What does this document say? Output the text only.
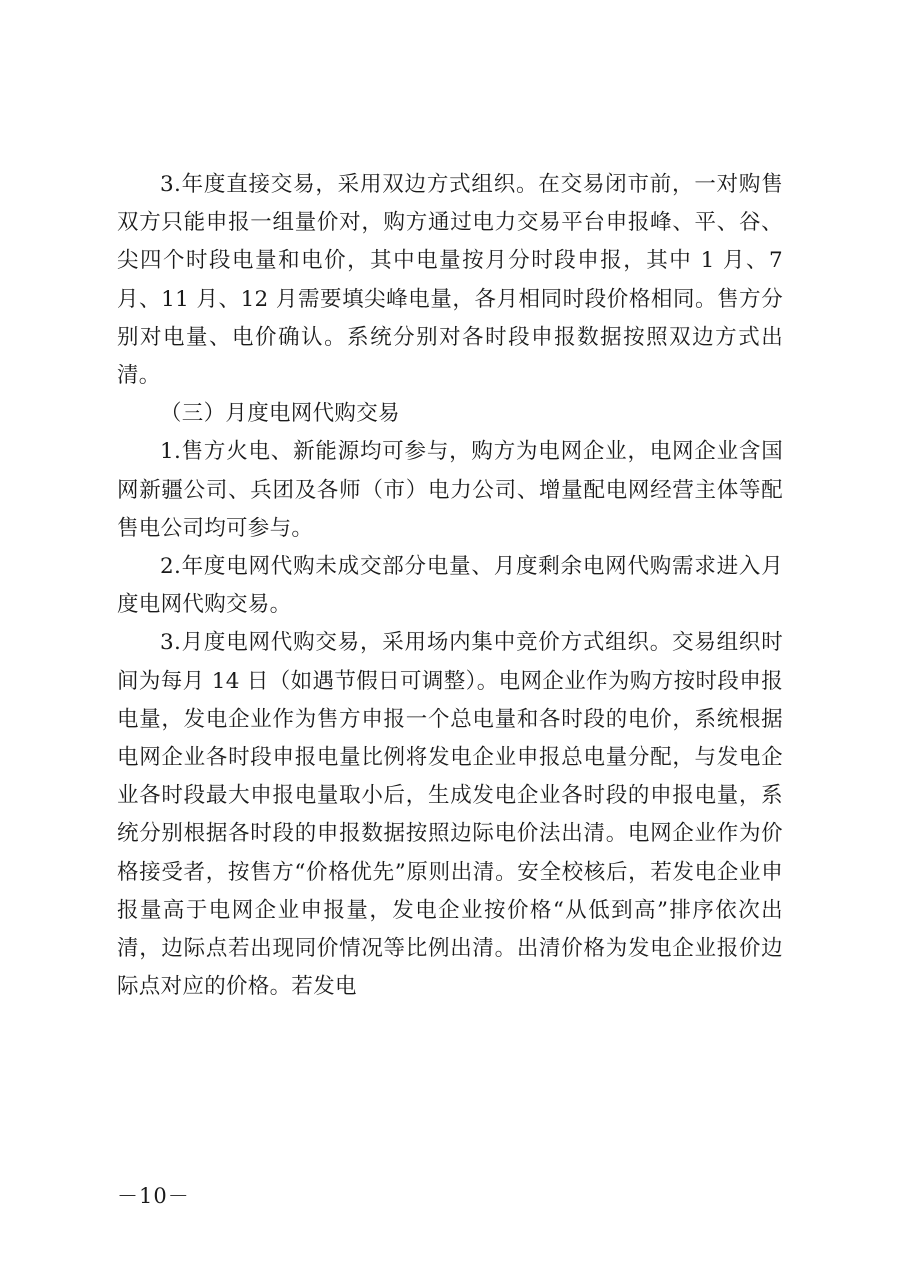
3.年度直接交易，采用双边方式组织。在交易闭市前，一对购售双方只能申报一组量价对，购方通过电力交易平台申报峰、平、谷、尖四个时段电量和电价，其中电量按月分时段申报，其中 1 月、7 月、11 月、12 月需要填尖峰电量，各月相同时段价格相同。售方分别对电量、电价确认。系统分别对各时段申报数据按照双边方式出清。

（三）月度电网代购交易

1.售方火电、新能源均可参与，购方为电网企业，电网企业含国网新疆公司、兵团及各师（市）电力公司、增量配电网经营主体等配售电公司均可参与。

2.年度电网代购未成交部分电量、月度剩余电网代购需求进入月度电网代购交易。

3.月度电网代购交易，采用场内集中竞价方式组织。交易组织时间为每月 14 日（如遇节假日可调整）。电网企业作为购方按时段申报电量，发电企业作为售方申报一个总电量和各时段的电价，系统根据电网企业各时段申报电量比例将发电企业申报总电量分配，与发电企业各时段最大申报电量取小后，生成发电企业各时段的申报电量，系统分别根据各时段的申报数据按照边际电价法出清。电网企业作为价格接受者，按售方“价格优先”原则出清。安全校核后，若发电企业申报量高于电网企业申报量，发电企业按价格“从低到高”排序依次出清，边际点若出现同价情况等比例出清。出清价格为发电企业报价边际点对应的价格。若发电

－10－
